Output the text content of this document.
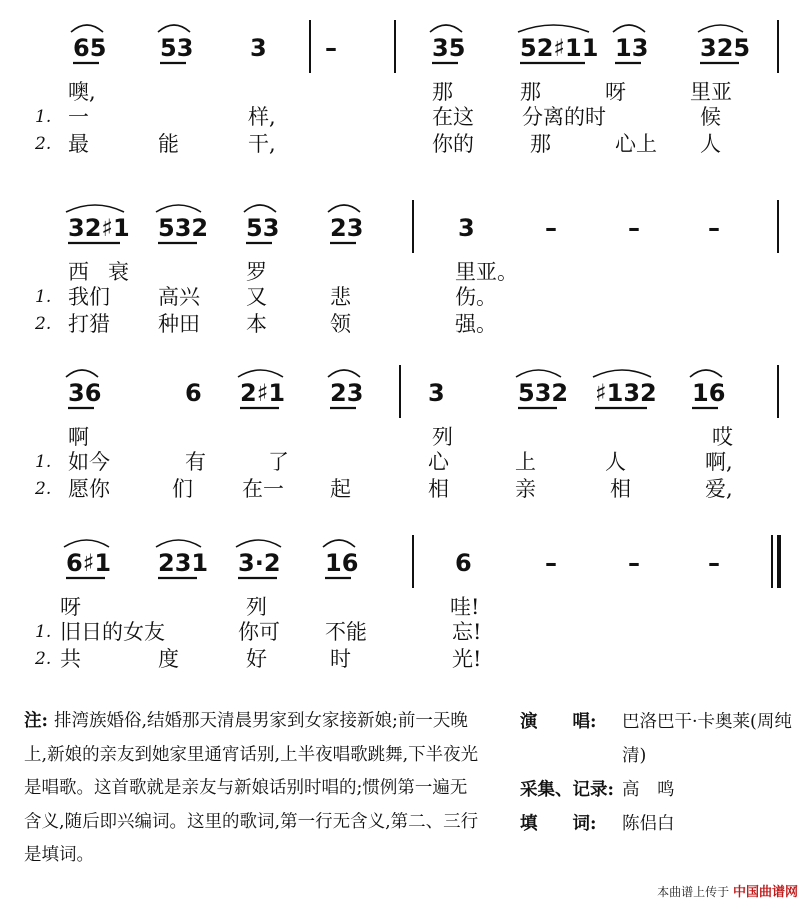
65 53 3 –	35 52♯11 13 325
噢,	那	那	呀	里亚
1. 一	样,	在这 分离的时	候
2. 最	能	干,	你的	那	心上 人
32♯1 532 53 23	3	–	–	–
西 衰	罗	里亚。
1. 我们 高兴 又	悲	伤。
2. 打猎 种田 本	领	强。
36	6 2♯1 23	3	532 ♯132 16
啊	列	哎
1. 如今	有	了	心	上	人	啊,
2. 愿你	们 在一 起	相	亲	相	爱,
6♯1 231 3·2 16	6	–	–	–
呀	列	哇!
1. 旧日的女友	你可 不能	忘!
2. 共	度	好	时	光!
注: 排湾族婚俗,结婚那天清晨男家到女家接新娘;前一天晚上,新娘的亲友到她家里通宵话别,上半夜唱歌跳舞,下半夜光是唱歌。这首歌就是亲友与新娘话别时唱的;惯例第一遍无含义,随后即兴编词。这里的歌词,第一行无含义,第二、三行是填词。
演　　唱:	巴洛巴干·卡奥莱(周纯清)
采集、记录: 高　鸣
填　　词:	陈侣白
本曲谱上传于 中国曲谱网
